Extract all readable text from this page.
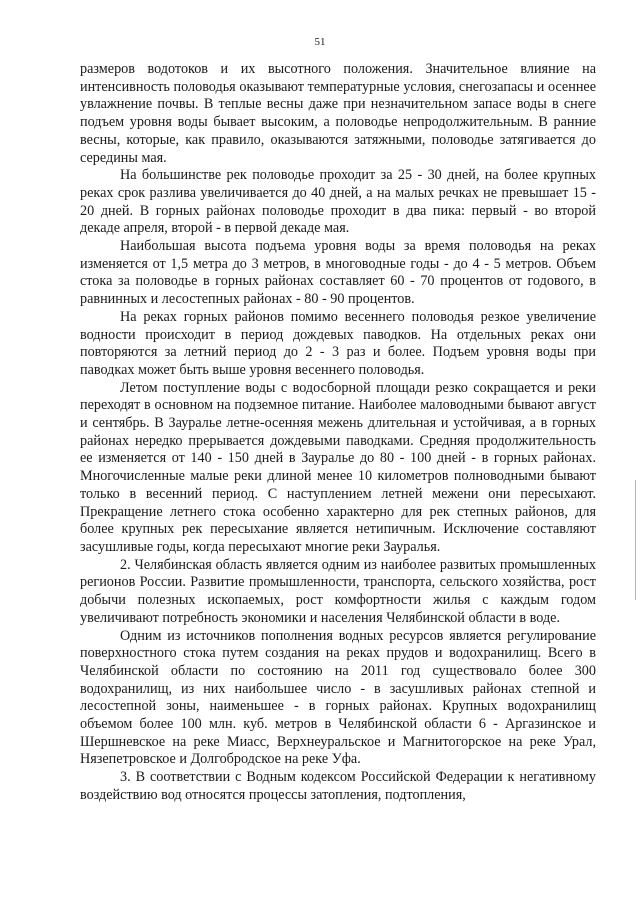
51

размеров водотоков и их высотного положения. Значительное влияние на интенсивность половодья оказывают температурные условия, снегозапасы и осеннее увлажнение почвы. В теплые весны даже при незначительном запасе воды в снеге подъем уровня воды бывает высоким, а половодье непродолжительным. В ранние весны, которые, как правило, оказываются затяжными, половодье затягивается до середины мая.

На большинстве рек половодье проходит за 25 - 30 дней, на более крупных реках срок разлива увеличивается до 40 дней, а на малых речках не превышает 15 - 20 дней. В горных районах половодье проходит в два пика: первый - во второй декаде апреля, второй - в первой декаде мая.

Наибольшая высота подъема уровня воды за время половодья на реках изменяется от 1,5 метра до 3 метров, в многоводные годы - до 4 - 5 метров. Объем стока за половодье в горных районах составляет 60 - 70 процентов от годового, в равнинных и лесостепных районах - 80 - 90 процентов.

На реках горных районов помимо весеннего половодья резкое увеличение водности происходит в период дождевых паводков. На отдельных реках они повторяются за летний период до 2 - 3 раз и более. Подъем уровня воды при паводках может быть выше уровня весеннего половодья.

Летом поступление воды с водосборной площади резко сокращается и реки переходят в основном на подземное питание. Наиболее маловодными бывают август и сентябрь. В Зауралье летне-осенняя межень длительная и устойчивая, а в горных районах нередко прерывается дождевыми паводками. Средняя продолжительность ее изменяется от 140 - 150 дней в Зауралье до 80 - 100 дней - в горных районах. Многочисленные малые реки длиной менее 10 километров полноводными бывают только в весенний период. С наступлением летней межени они пересыхают. Прекращение летнего стока особенно характерно для рек степных районов, для более крупных рек пересыхание является нетипичным. Исключение составляют засушливые годы, когда пересыхают многие реки Зауралья.

2. Челябинская область является одним из наиболее развитых промышленных регионов России. Развитие промышленности, транспорта, сельского хозяйства, рост добычи полезных ископаемых, рост комфортности жилья с каждым годом увеличивают потребность экономики и населения Челябинской области в воде.

Одним из источников пополнения водных ресурсов является регулирование поверхностного стока путем создания на реках прудов и водохранилищ. Всего в Челябинской области по состоянию на 2011 год существовало более 300 водохранилищ, из них наибольшее число - в засушливых районах степной и лесостепной зоны, наименьшее - в горных районах. Крупных водохранилищ объемом более 100 млн. куб. метров в Челябинской области 6 - Аргазинское и Шершневское на реке Миасс, Верхнеуральское и Магнитогорское на реке Урал, Нязепетровское и Долгобродское на реке Уфа.

3. В соответствии с Водным кодексом Российской Федерации к негативному воздействию вод относятся процессы затопления, подтопления,
